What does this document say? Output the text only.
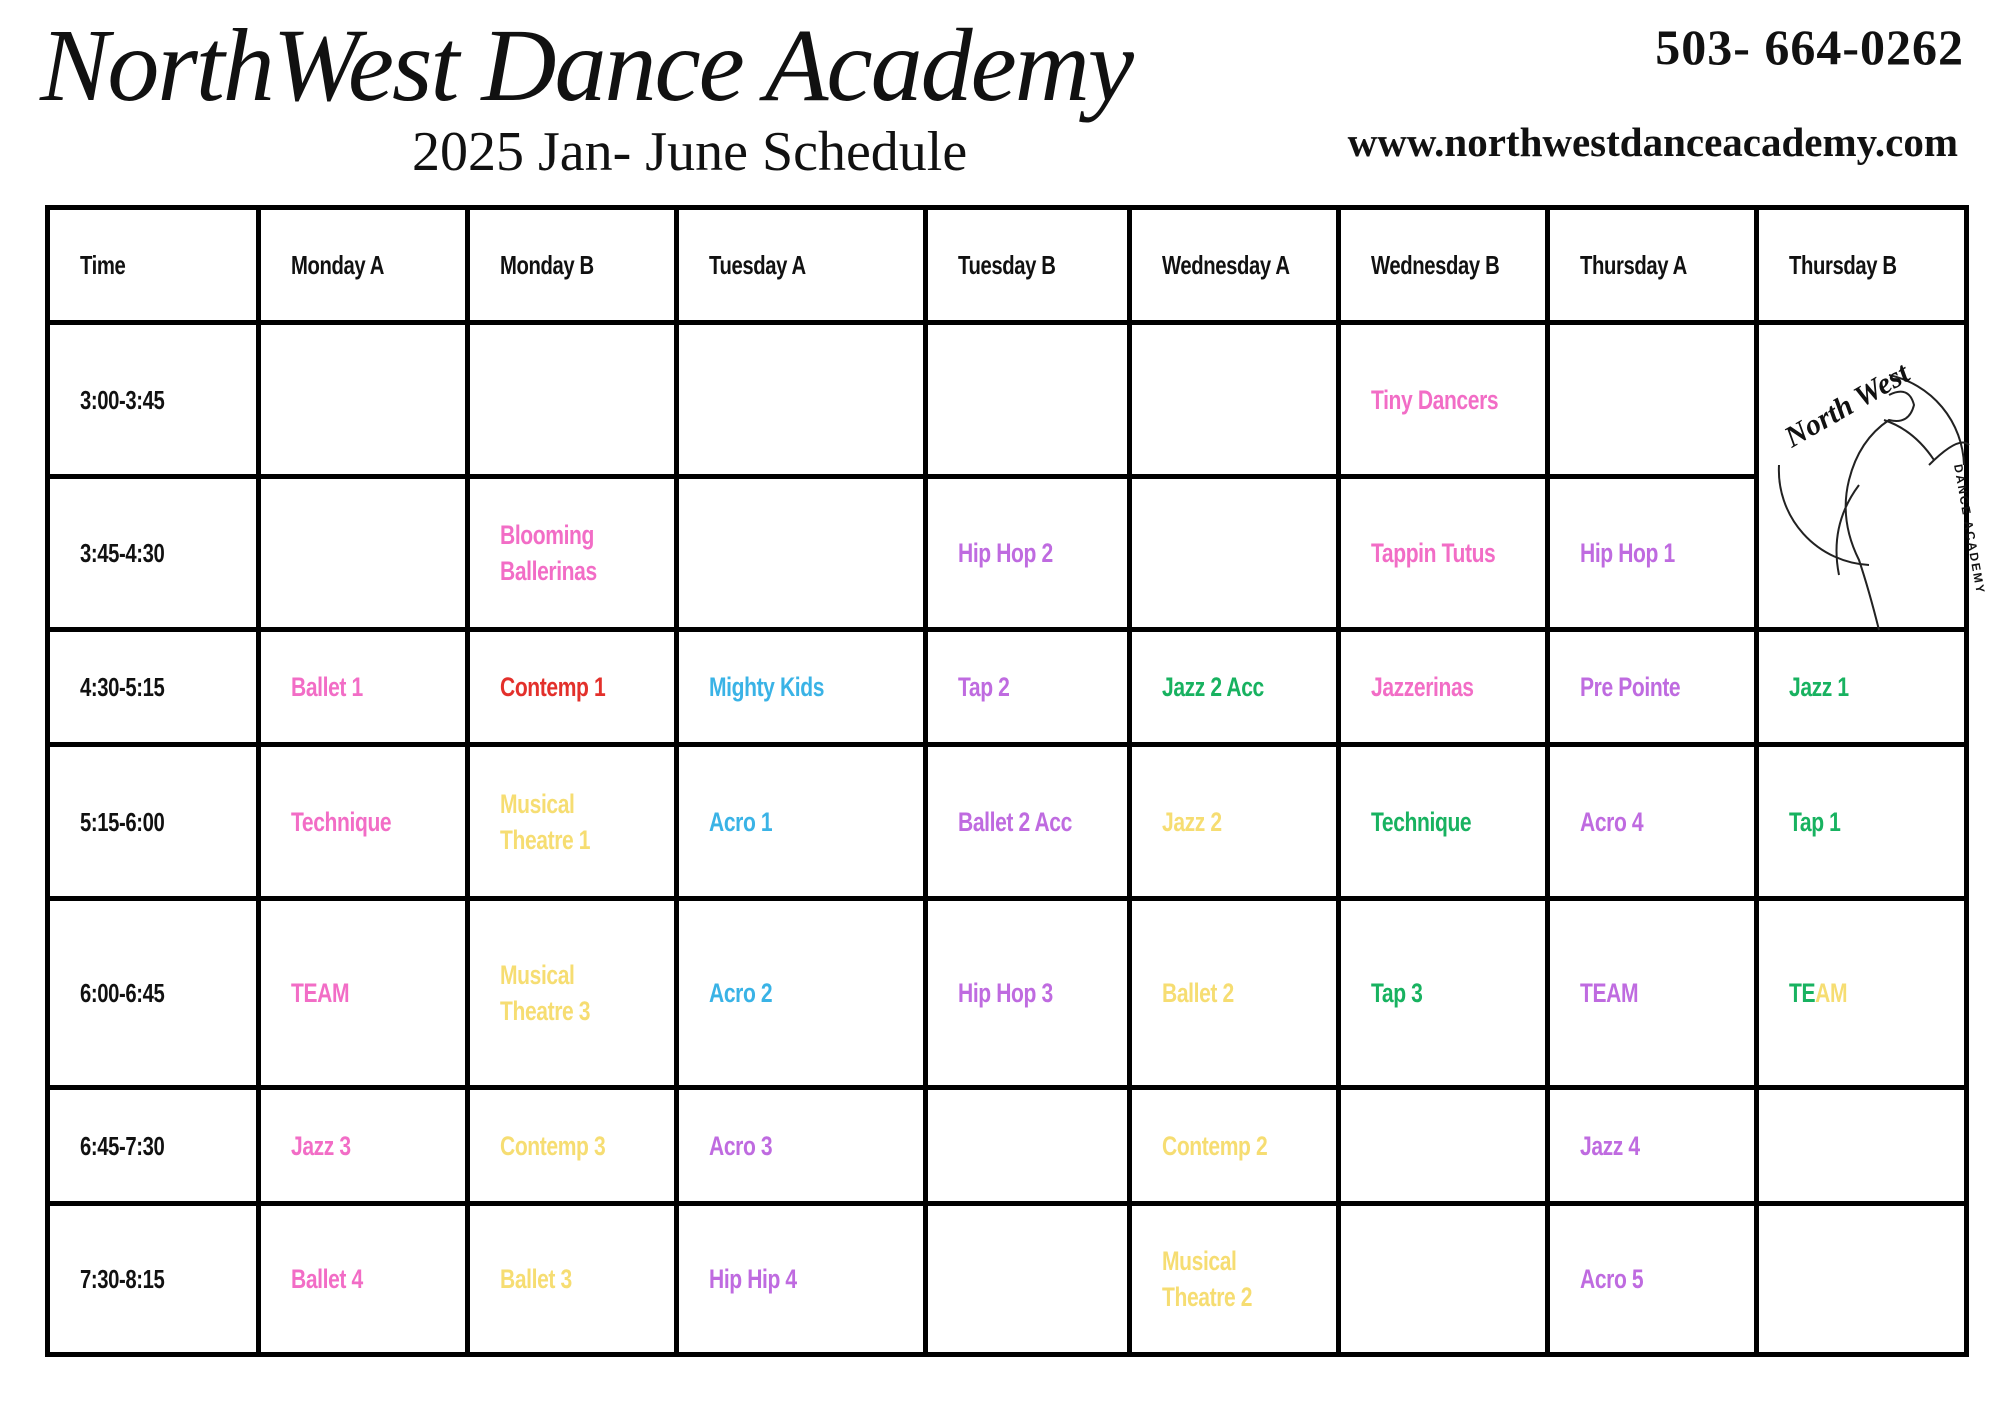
NorthWest Dance Academy
2025 Jan- June Schedule
503- 664-0262
www.northwestdanceacademy.com
Time	Monday A	Monday B	Tuesday A	Tuesday B	Wednesday A	Wednesday B	Thursday A	Thursday B
3:00-3:45						Tiny Dancers		North West
DANCE ACADEMY

3:45-4:30		Blooming
Ballerinas		Hip Hop 2		Tappin Tutus	Hip Hop 1	
4:30-5:15	Ballet 1	Contemp 1	Mighty Kids	Tap 2	Jazz 2 Acc	Jazzerinas	Pre Pointe	Jazz 1
5:15-6:00	Technique	Musical
Theatre 1	Acro 1	Ballet 2 Acc	Jazz 2	Technique	Acro 4	Tap 1
6:00-6:45	TEAM	Musical
Theatre 3	Acro 2	Hip Hop 3	Ballet 2	Tap 3	TEAM	TEAM
6:45-7:30	Jazz 3	Contemp 3	Acro 3		Contemp 2		Jazz 4	
7:30-8:15	Ballet 4	Ballet 3	Hip Hip 4		Musical
Theatre 2		Acro 5	
